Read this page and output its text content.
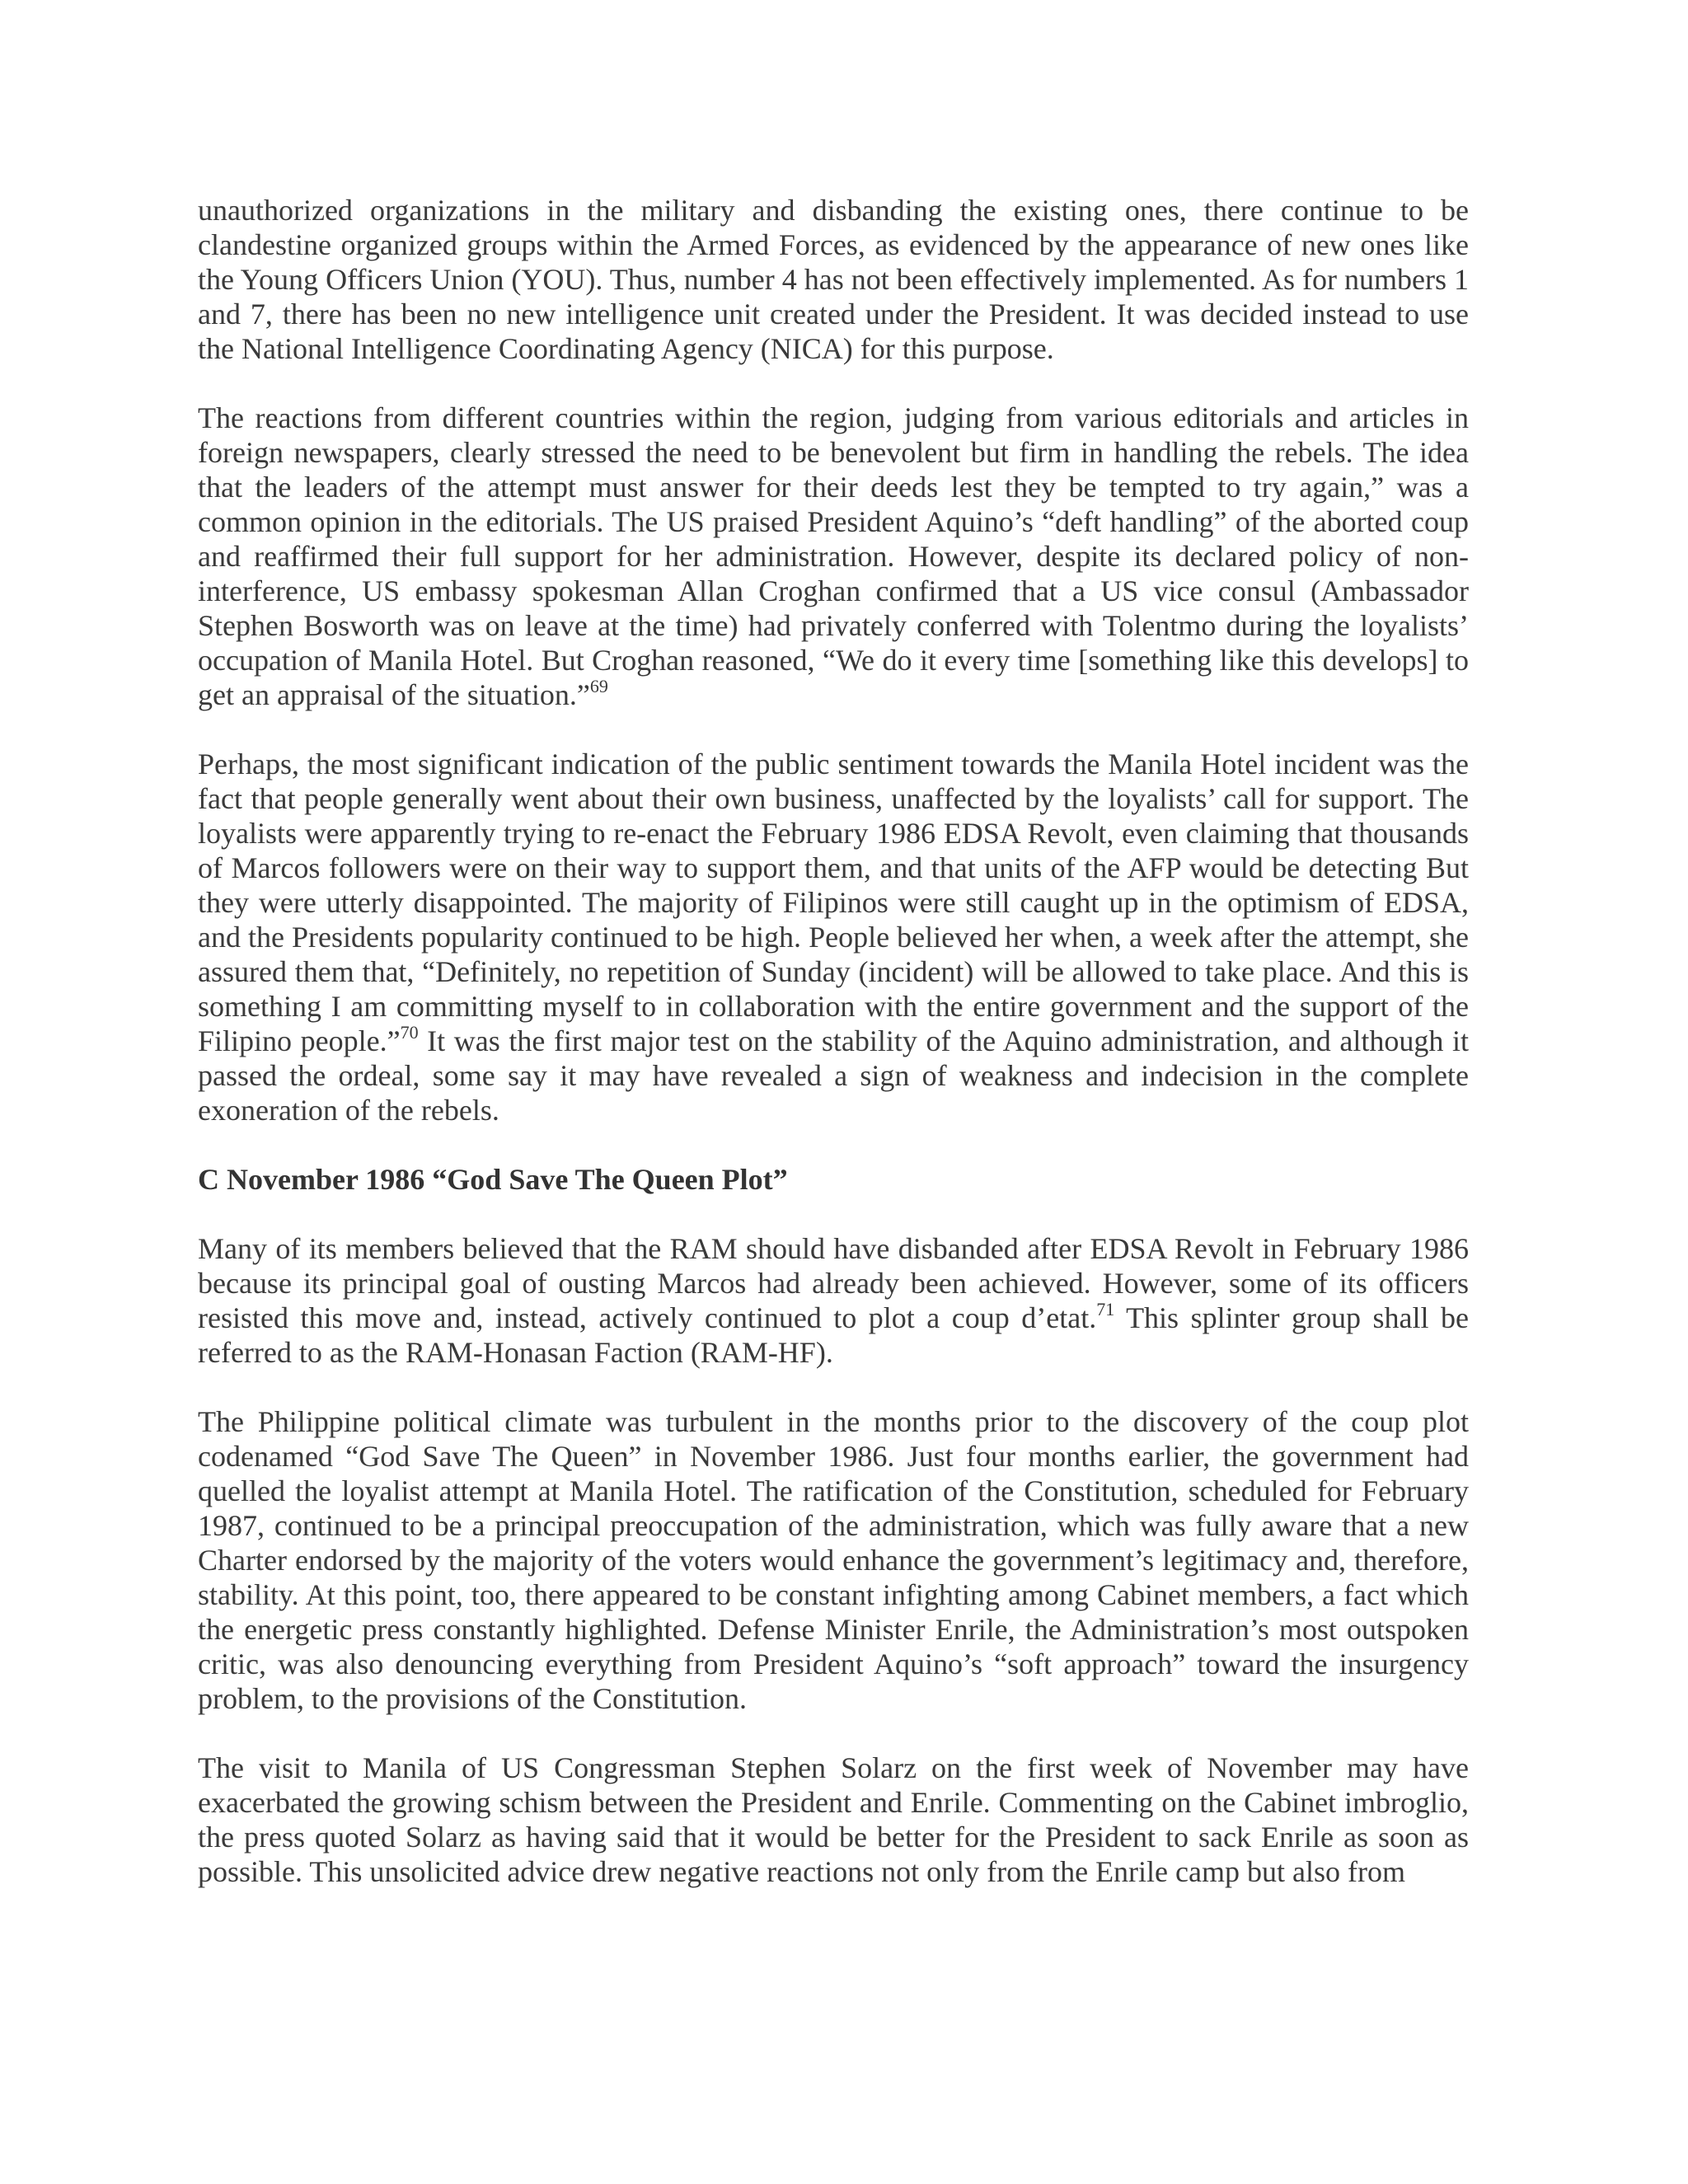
unauthorized organizations in the military and disbanding the existing ones, there continue to be clandestine organized groups within the Armed Forces, as evidenced by the appearance of new ones like the Young Officers Union (YOU). Thus, number 4 has not been effectively implemented. As for numbers 1 and 7, there has been no new intelligence unit created under the President. It was decided instead to use the National Intelligence Coordinating Agency (NICA) for this purpose.

The reactions from different countries within the region, judging from various editorials and articles in foreign newspapers, clearly stressed the need to be benevolent but firm in handling the rebels. The idea that the leaders of the attempt must answer for their deeds lest they be tempted to try again,” was a common opinion in the editorials. The US praised President Aquino’s “deft handling” of the aborted coup and reaffirmed their full support for her administration. However, despite its declared policy of non-interference, US embassy spokesman Allan Croghan confirmed that a US vice consul (Ambassador Stephen Bosworth was on leave at the time) had privately conferred with Tolentmo during the loyalists’ occupation of Manila Hotel. But Croghan reasoned, “We do it every time [something like this develops] to get an appraisal of the situation.”$^{69}$

Perhaps, the most significant indication of the public sentiment towards the Manila Hotel incident was the fact that people generally went about their own business, unaffected by the loyalists’ call for support. The loyalists were apparently trying to re-enact the February 1986 EDSA Revolt, even claiming that thousands of Marcos followers were on their way to support them, and that units of the AFP would be detecting But they were utterly disappointed. The majority of Filipinos were still caught up in the optimism of EDSA, and the Presidents popularity continued to be high. People believed her when, a week after the attempt, she assured them that, “Definitely, no repetition of Sunday (incident) will be allowed to take place. And this is something I am committing myself to in collaboration with the entire government and the support of the Filipino people.”$^{70}$ It was the first major test on the stability of the Aquino administration, and although it passed the ordeal, some say it may have revealed a sign of weakness and indecision in the complete exoneration of the rebels.

C November 1986 “God Save The Queen Plot”

Many of its members believed that the RAM should have disbanded after EDSA Revolt in February 1986 because its principal goal of ousting Marcos had already been achieved. However, some of its officers resisted this move and, instead, actively continued to plot a coup d’etat.$^{71}$ This splinter group shall be referred to as the RAM-Honasan Faction (RAM-HF).

The Philippine political climate was turbulent in the months prior to the discovery of the coup plot codenamed “God Save The Queen” in November 1986. Just four months earlier, the government had quelled the loyalist attempt at Manila Hotel. The ratification of the Constitution, scheduled for February 1987, continued to be a principal preoccupation of the administration, which was fully aware that a new Charter endorsed by the majority of the voters would enhance the government’s legitimacy and, therefore, stability. At this point, too, there appeared to be constant infighting among Cabinet members, a fact which the energetic press constantly highlighted. Defense Minister Enrile, the Administration’s most outspoken critic, was also denouncing everything from President Aquino’s “soft approach” toward the insurgency problem, to the provisions of the Constitution.

The visit to Manila of US Congressman Stephen Solarz on the first week of November may have exacerbated the growing schism between the President and Enrile. Commenting on the Cabinet imbroglio, the press quoted Solarz as having said that it would be better for the President to sack Enrile as soon as possible. This unsolicited advice drew negative reactions not only from the Enrile camp but also from
